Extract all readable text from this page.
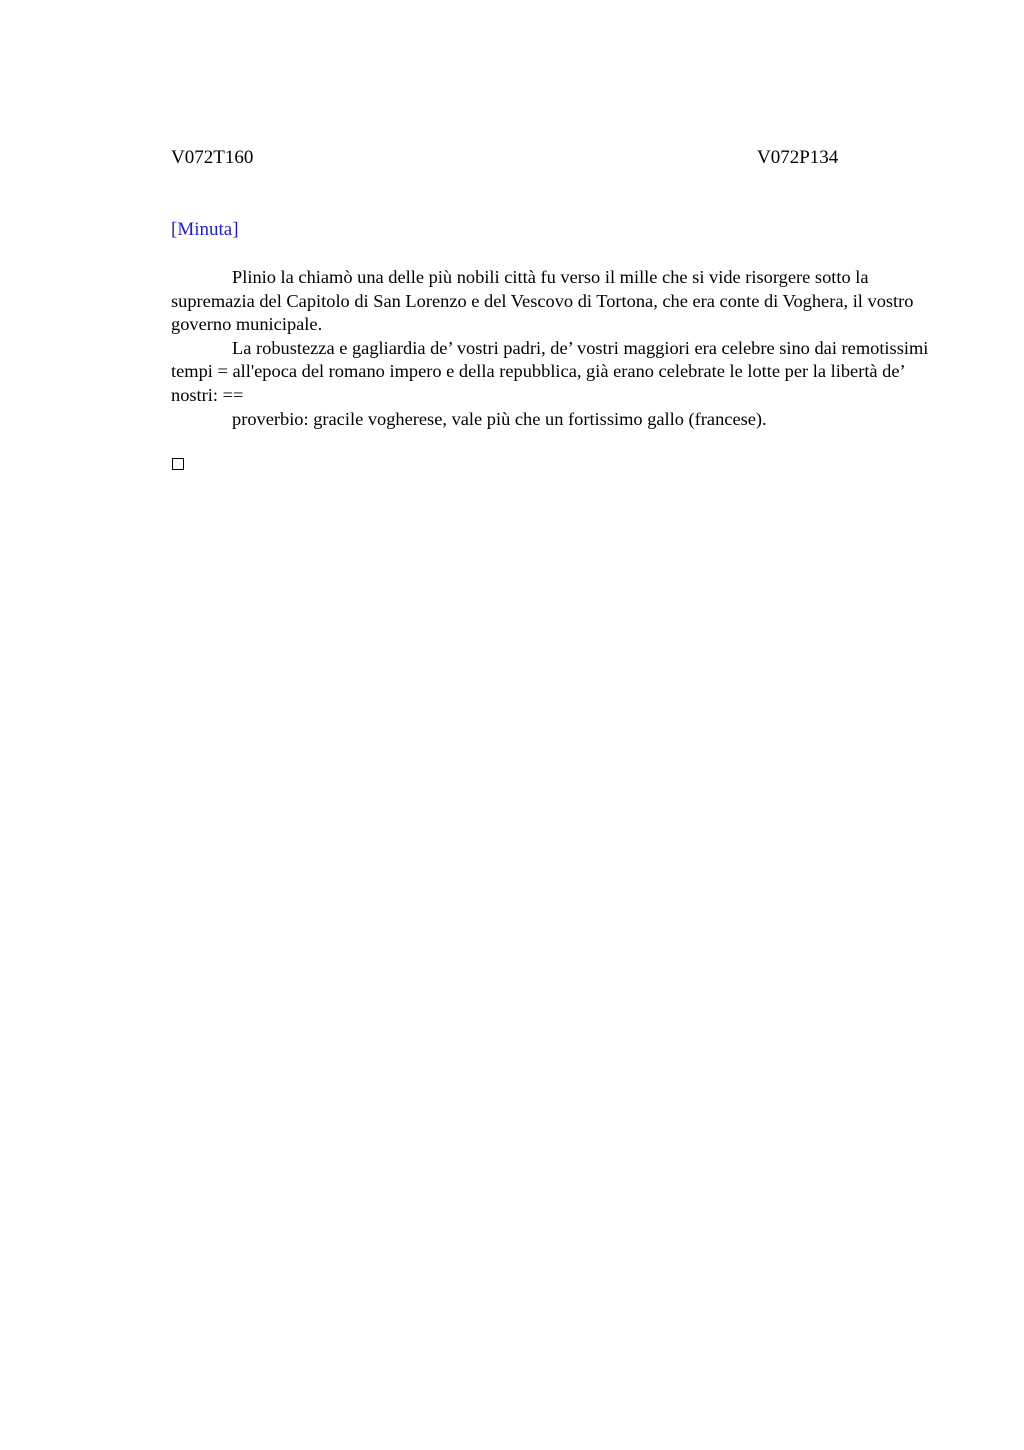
V072T160	V072P134
[Minuta]

Plinio la chiamò una delle più nobili città fu verso il mille che si vide risorgere sotto la supremazia del Capitolo di San Lorenzo e del Vescovo di Tortona, che era conte di Voghera, il vostro governo municipale.

La robustezza e gagliardia de’ vostri padri, de’ vostri maggiori era celebre sino dai remotissimi tempi = all'epoca del romano impero e della repubblica, già erano celebrate le lotte per la libertà de’ nostri: ==

proverbio: gracile vogherese, vale più che un fortissimo gallo (francese).
